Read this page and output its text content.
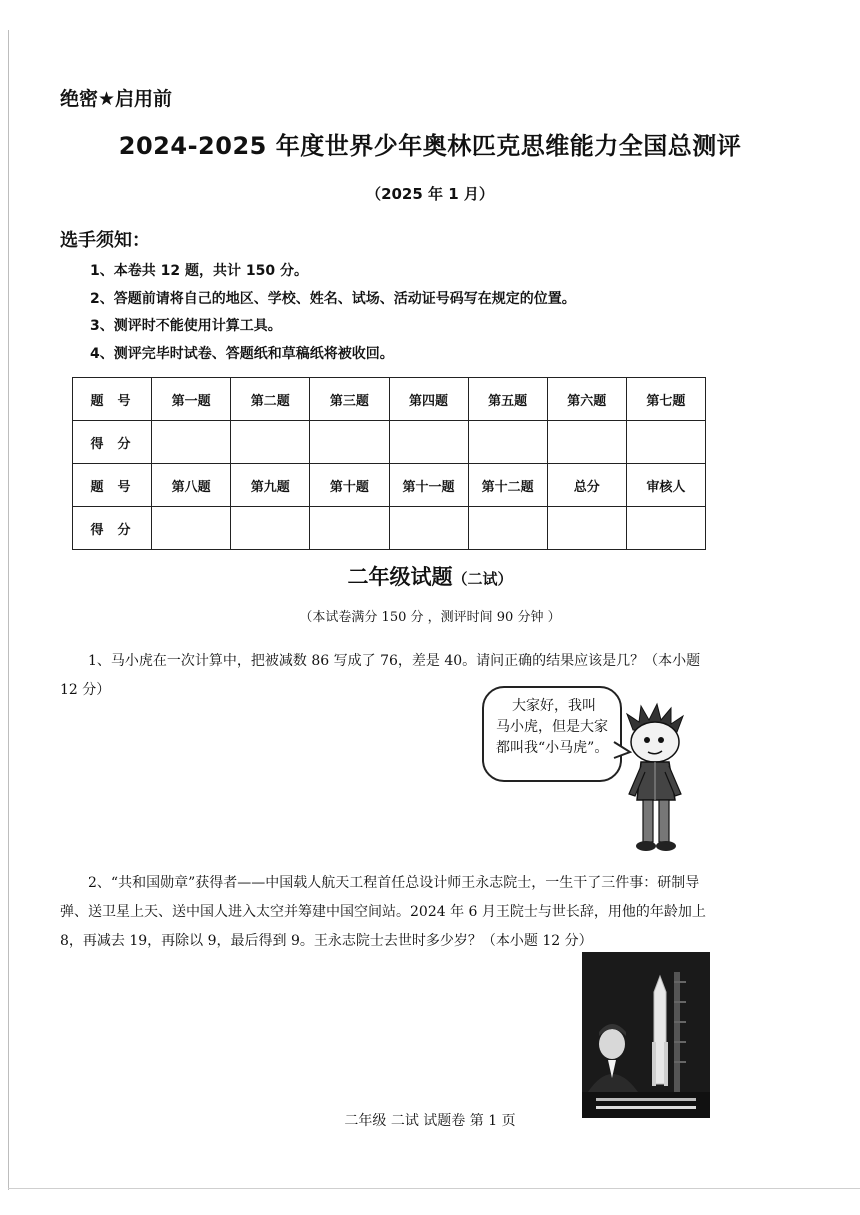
绝密★启用前
2024-2025 年度世界少年奥林匹克思维能力全国总测评
（2025 年 1 月）
选手须知：
1、本卷共 12 题，共计 150 分。
2、答题前请将自己的地区、学校、姓名、试场、活动证号码写在规定的位置。
3、测评时不能使用计算工具。
4、测评完毕时试卷、答题纸和草稿纸将被收回。
题号	第一题	第二题	第三题	第四题	第五题	第六题	第七题
得分							
题号	第八题	第九题	第十题	第十一题	第十二题	总分	审核人
得分							
二年级试题（二试）
（本试卷满分 150 分 ，测评时间 90 分钟 ）
1、马小虎在一次计算中，把被减数 86 写成了 76，差是 40。请问正确的结果应该是几？（本小题 12 分）
大家好，我叫
马小虎，但是大家
都叫我“小马虎”。
2、“共和国勋章”获得者——中国载人航天工程首任总设计师王永志院士，一生干了三件事：研制导弹、送卫星上天、送中国人进入太空并筹建中国空间站。2024 年 6 月王院士与世长辞，用他的年龄加上 8，再减去 19，再除以 9，最后得到 9。王永志院士去世时多少岁？（本小题 12 分）
二年级 二试 试题卷 第 1 页
